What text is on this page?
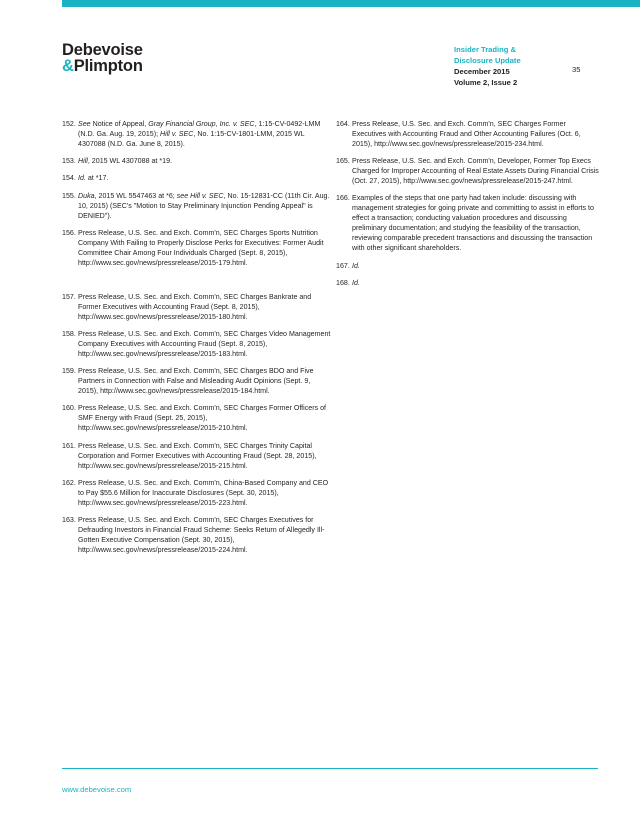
Debevoise
&Plimpton
Insider Trading &
Disclosure Update
December 2015
Volume 2, Issue 2
35
152. See Notice of Appeal, Gray Financial Group, Inc. v. SEC, 1:15-CV-0492-LMM (N.D. Ga. Aug. 19, 2015); Hill v. SEC, No. 1:15-CV-1801-LMM, 2015 WL 4307088 (N.D. Ga. June 8, 2015).
153. Hill, 2015 WL 4307088 at *19.
154. Id. at *17.
155. Duka, 2015 WL 5547463 at *6; see Hill v. SEC, No. 15-12831-CC (11th Cir. Aug. 10, 2015) (SEC's "Motion to Stay Preliminary Injunction Pending Appeal" is DENIED").
156. Press Release, U.S. Sec. and Exch. Comm'n, SEC Charges Sports Nutrition Company With Failing to Properly Disclose Perks for Executives: Former Audit Committee Chair Among Four Individuals Charged (Sept. 8, 2015), http://www.sec.gov/news/pressrelease/2015-179.html.
157. Press Release, U.S. Sec. and Exch. Comm'n, SEC Charges Bankrate and Former Executives with Accounting Fraud (Sept. 8, 2015), http://www.sec.gov/news/pressrelease/2015-180.html.
158. Press Release, U.S. Sec. and Exch. Comm'n, SEC Charges Video Management Company Executives with Accounting Fraud (Sept. 8, 2015), http://www.sec.gov/news/pressrelease/2015-183.html.
159. Press Release, U.S. Sec. and Exch. Comm'n, SEC Charges BDO and Five Partners in Connection with False and Misleading Audit Opinions (Sept. 9, 2015), http://www.sec.gov/news/pressrelease/2015-184.html.
160. Press Release, U.S. Sec. and Exch. Comm'n, SEC Charges Former Officers of SMF Energy with Fraud (Sept. 25, 2015), http://www.sec.gov/news/pressrelease/2015-210.html.
161. Press Release, U.S. Sec. and Exch. Comm'n, SEC Charges Trinity Capital Corporation and Former Executives with Accounting Fraud (Sept. 28, 2015), http://www.sec.gov/news/pressrelease/2015-215.html.
162. Press Release, U.S. Sec. and Exch. Comm'n, China-Based Company and CEO to Pay $55.6 Million for Inaccurate Disclosures (Sept. 30, 2015), http://www.sec.gov/news/pressrelease/2015-223.html.
163. Press Release, U.S. Sec. and Exch. Comm'n, SEC Charges Executives for Defrauding Investors in Financial Fraud Scheme: Seeks Return of Allegedly Ill-Gotten Executive Compensation (Sept. 30, 2015), http://www.sec.gov/news/pressrelease/2015-224.html.
164. Press Release, U.S. Sec. and Exch. Comm'n, SEC Charges Former Executives with Accounting Fraud and Other Accounting Failures (Oct. 6, 2015), http://www.sec.gov/news/pressrelease/2015-234.html.
165. Press Release, U.S. Sec. and Exch. Comm'n, Developer, Former Top Execs Charged for Improper Accounting of Real Estate Assets During Financial Crisis (Oct. 27, 2015), http://www.sec.gov/news/pressrelease/2015-247.html.
166. Examples of the steps that one party had taken include: discussing with management strategies for going private and committing to assist in efforts to effect a transaction; conducting valuation procedures and discussing preliminary documentation; and studying the feasibility of the transaction, reviewing comparable precedent transactions and discussing the transaction with other significant shareholders.
167. Id.
168. Id.
www.debevoise.com
